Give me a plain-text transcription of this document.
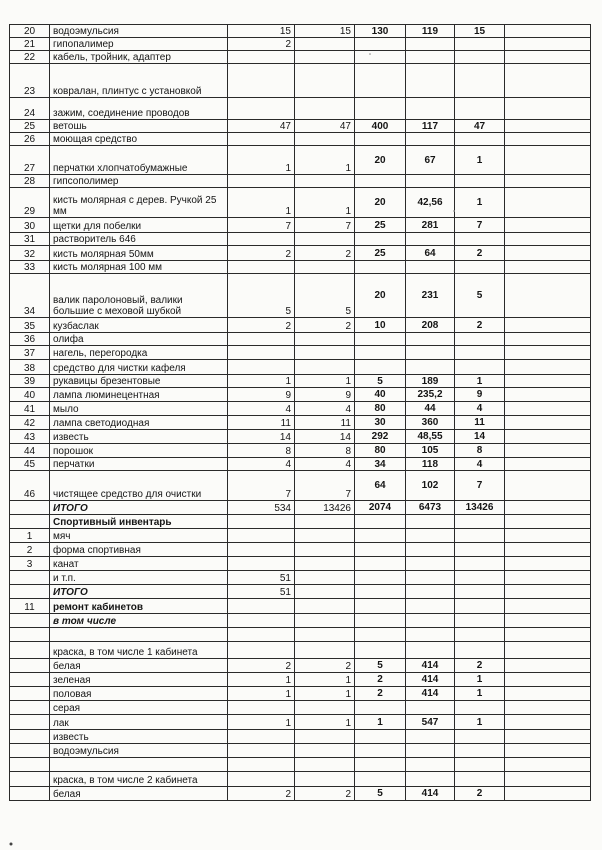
20	водоэмульсия	15	15	130	119	15	
21	гипопалимер	2					
22	кабель, тройник, адаптер						
23	ковралан, плинтус с установкой						
24	зажим, соединение проводов						
25	ветошь	47	47	400	117	47	
26	моющая средство						
27	перчатки хлопчатобумажные	1	1	20	67	1	
28	гипсополимер						
29	кисть молярная с дерев. Ручкой 25 мм	1	1	20	42,56	1	
30	щетки для побелки	7	7	25	281	7	
31	растворитель 646						
32	кисть молярная 50мм	2	2	25	64	2	
33	кисть молярная 100 мм						
34	валик паролоновый, валики большие с меховой шубкой	5	5	20	231	5	
35	кузбаслак	2	2	10	208	2	
36	олифа						
37	нагель, перегородка						
38	средство для чистки кафеля						
39	рукавицы брезентовые	1	1	5	189	1	
40	лампа люминецентная	9	9	40	235,2	9	
41	мыло	4	4	80	44	4	
42	лампа светодиодная	11	11	30	360	11	
43	известь	14	14	292	48,55	14	
44	порошок	8	8	80	105	8	
45	перчатки	4	4	34	118	4	
46	чистящее средство для очистки	7	7	64	102	7	
	ИТОГО	534	13426	2074	6473	13426	
	Спортивный инвентарь						
1	мяч						
2	форма спортивная						
3	канат						
	и т.п.	51					
	ИТОГО	51					
11	ремонт кабинетов						
	в том числе						

	краска, в том числе 1 кабинета						
	белая	2	2	5	414	2	
	зеленая	1	1	2	414	1	
	половая	1	1	2	414	1	
	серая						
	лак	1	1	1	547	1	
	известь						
	водоэмульсия						

	краска, в том числе 2 кабинета						
	белая	2	2	5	414	2	
